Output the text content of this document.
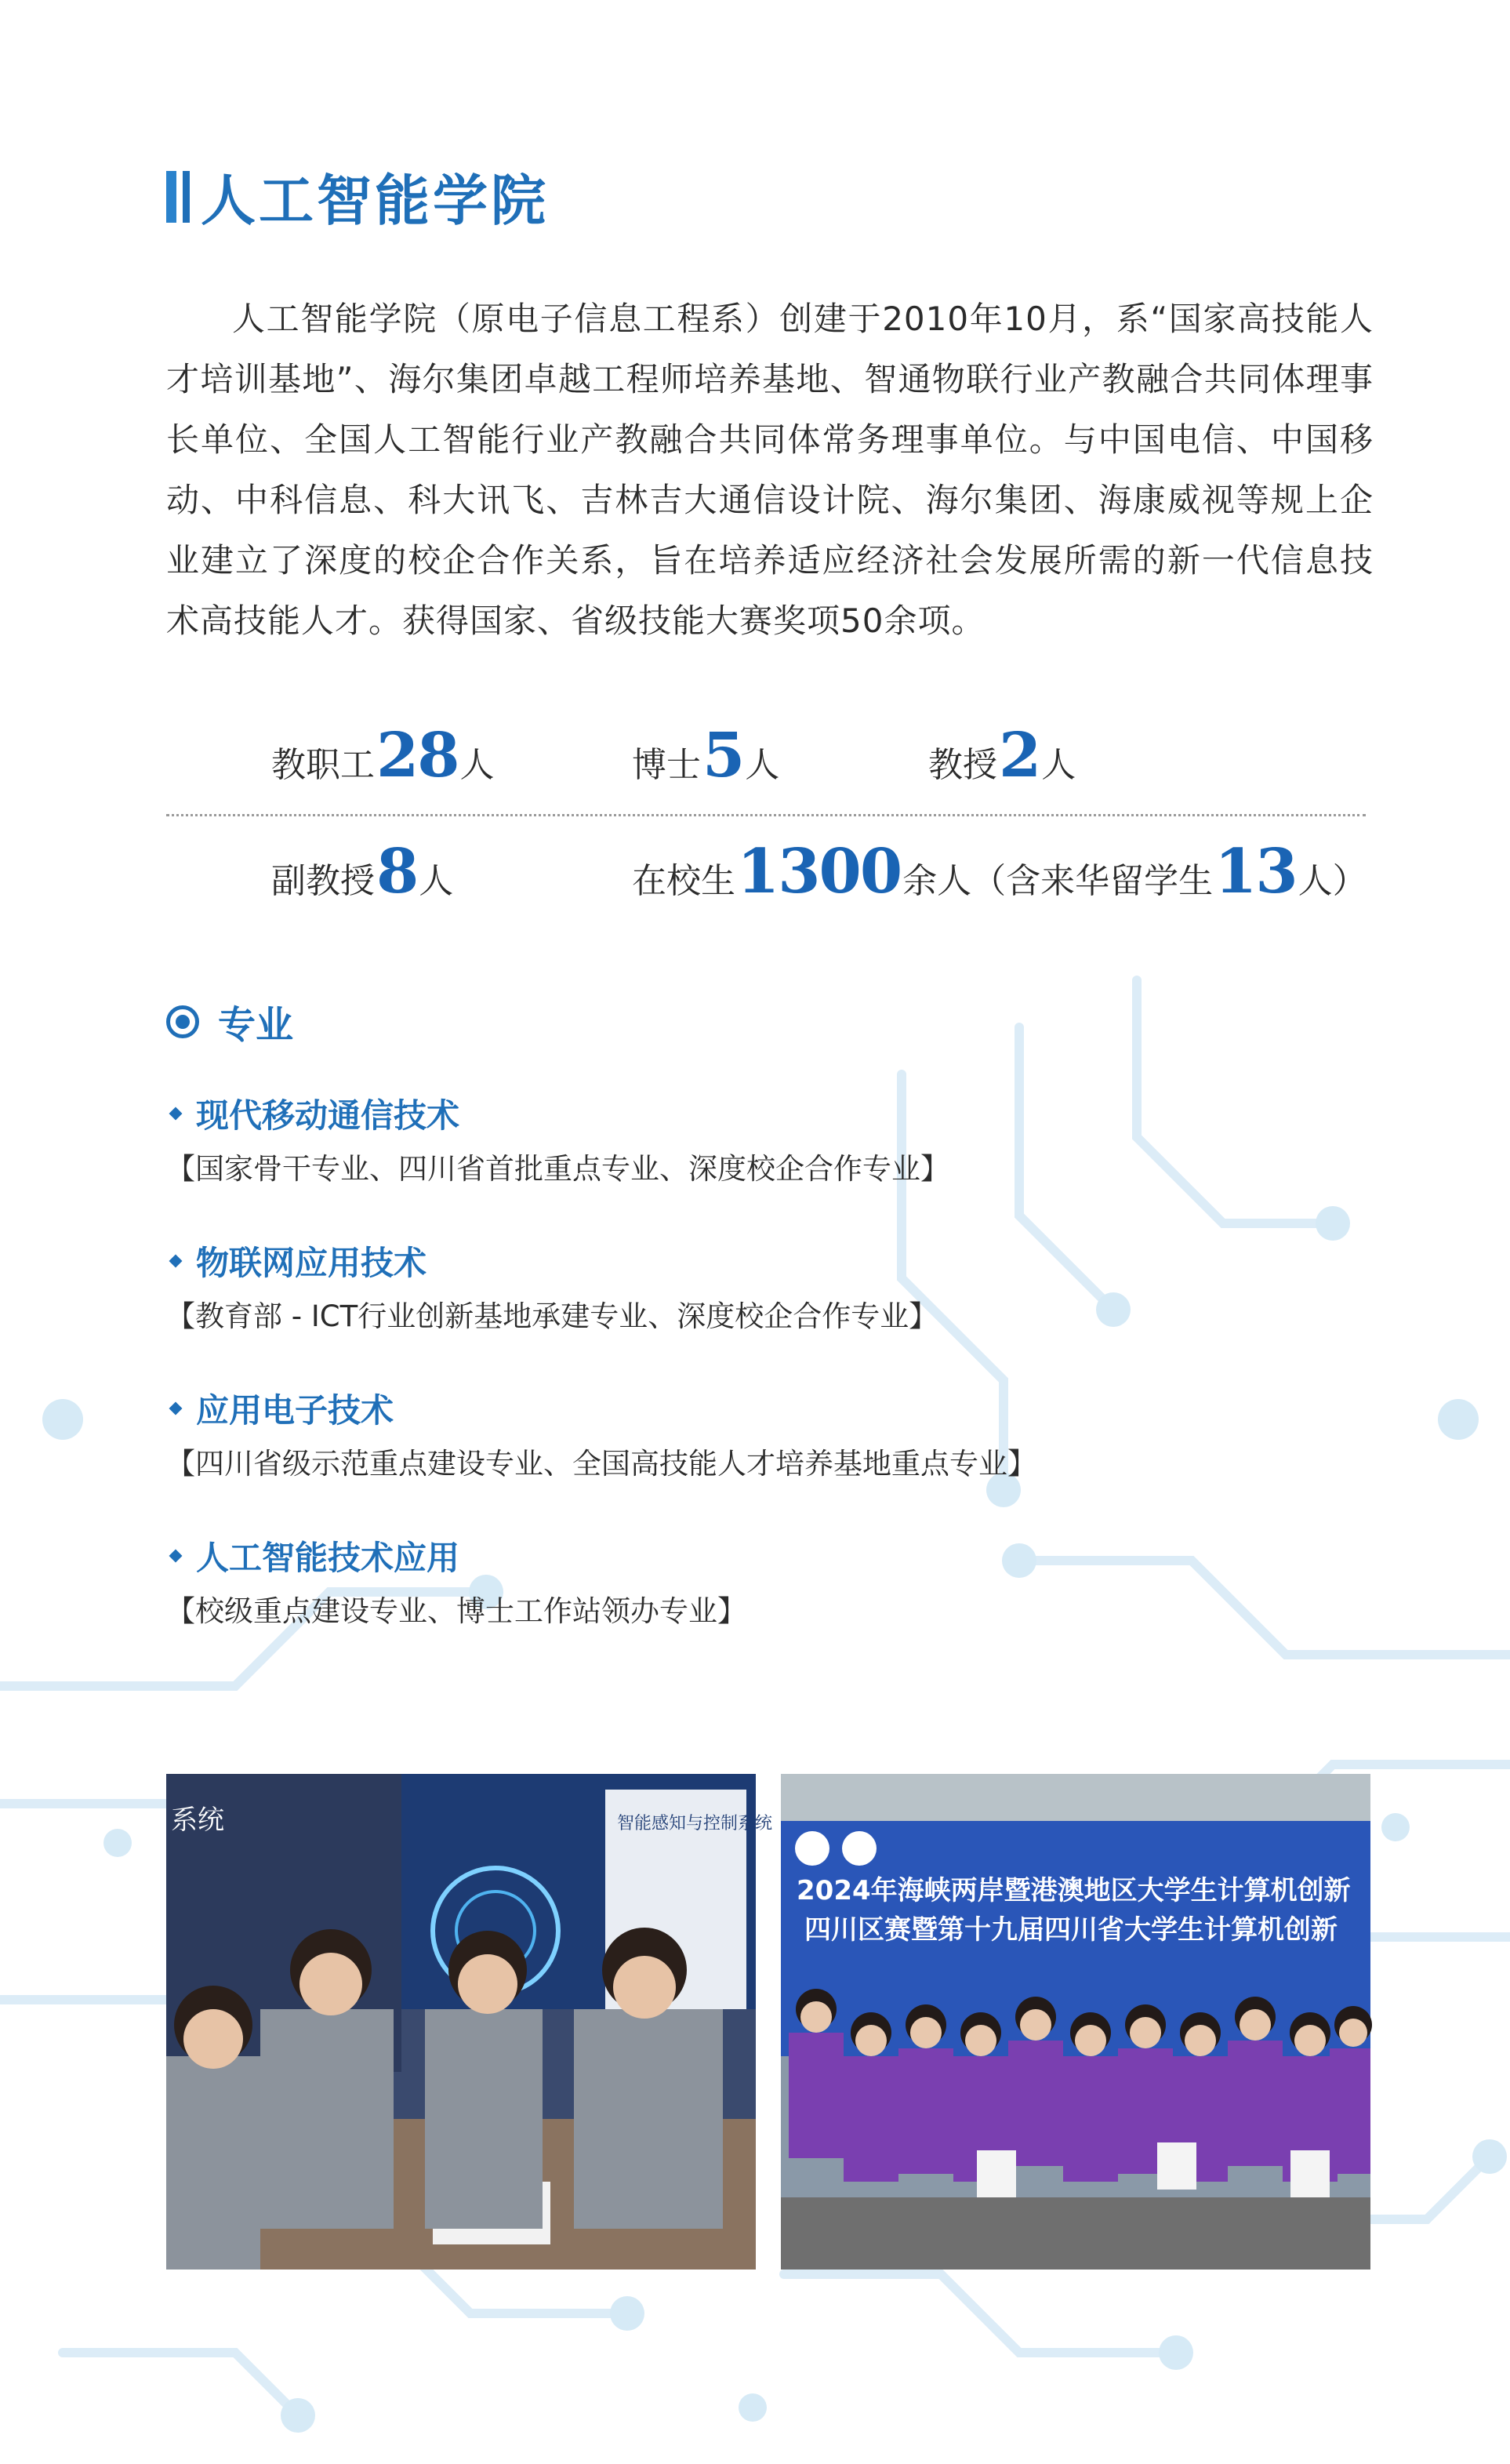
人工智能学院
人工智能学院（原电子信息工程系）创建于2010年10月，系“国家高技能人才培训基地”、海尔集团卓越工程师培养基地、智通物联行业产教融合共同体理事长单位、全国人工智能行业产教融合共同体常务理事单位。与中国电信、中国移动、中科信息、科大讯飞、吉林吉大通信设计院、海尔集团、海康威视等规上企业建立了深度的校企合作关系，旨在培养适应经济社会发展所需的新一代信息技术高技能人才。获得国家、省级技能大赛奖项50余项。
教职工28人	博士5人	教授2人
副教授8人	在校生1300余人（含来华留学生13人）
专业
现代移动通信技术
【国家骨干专业、四川省首批重点专业、深度校企合作专业】
物联网应用技术
【教育部 - ICT行业创新基地承建专业、深度校企合作专业】
应用电子技术
【四川省级示范重点建设专业、全国高技能人才培养基地重点专业】
人工智能技术应用
【校级重点建设专业、博士工作站领办专业】
智能感知与控制系统
系统
2024年海峡两岸暨港澳地区大学生计算机创新
四川区赛暨第十九届四川省大学生计算机创新
